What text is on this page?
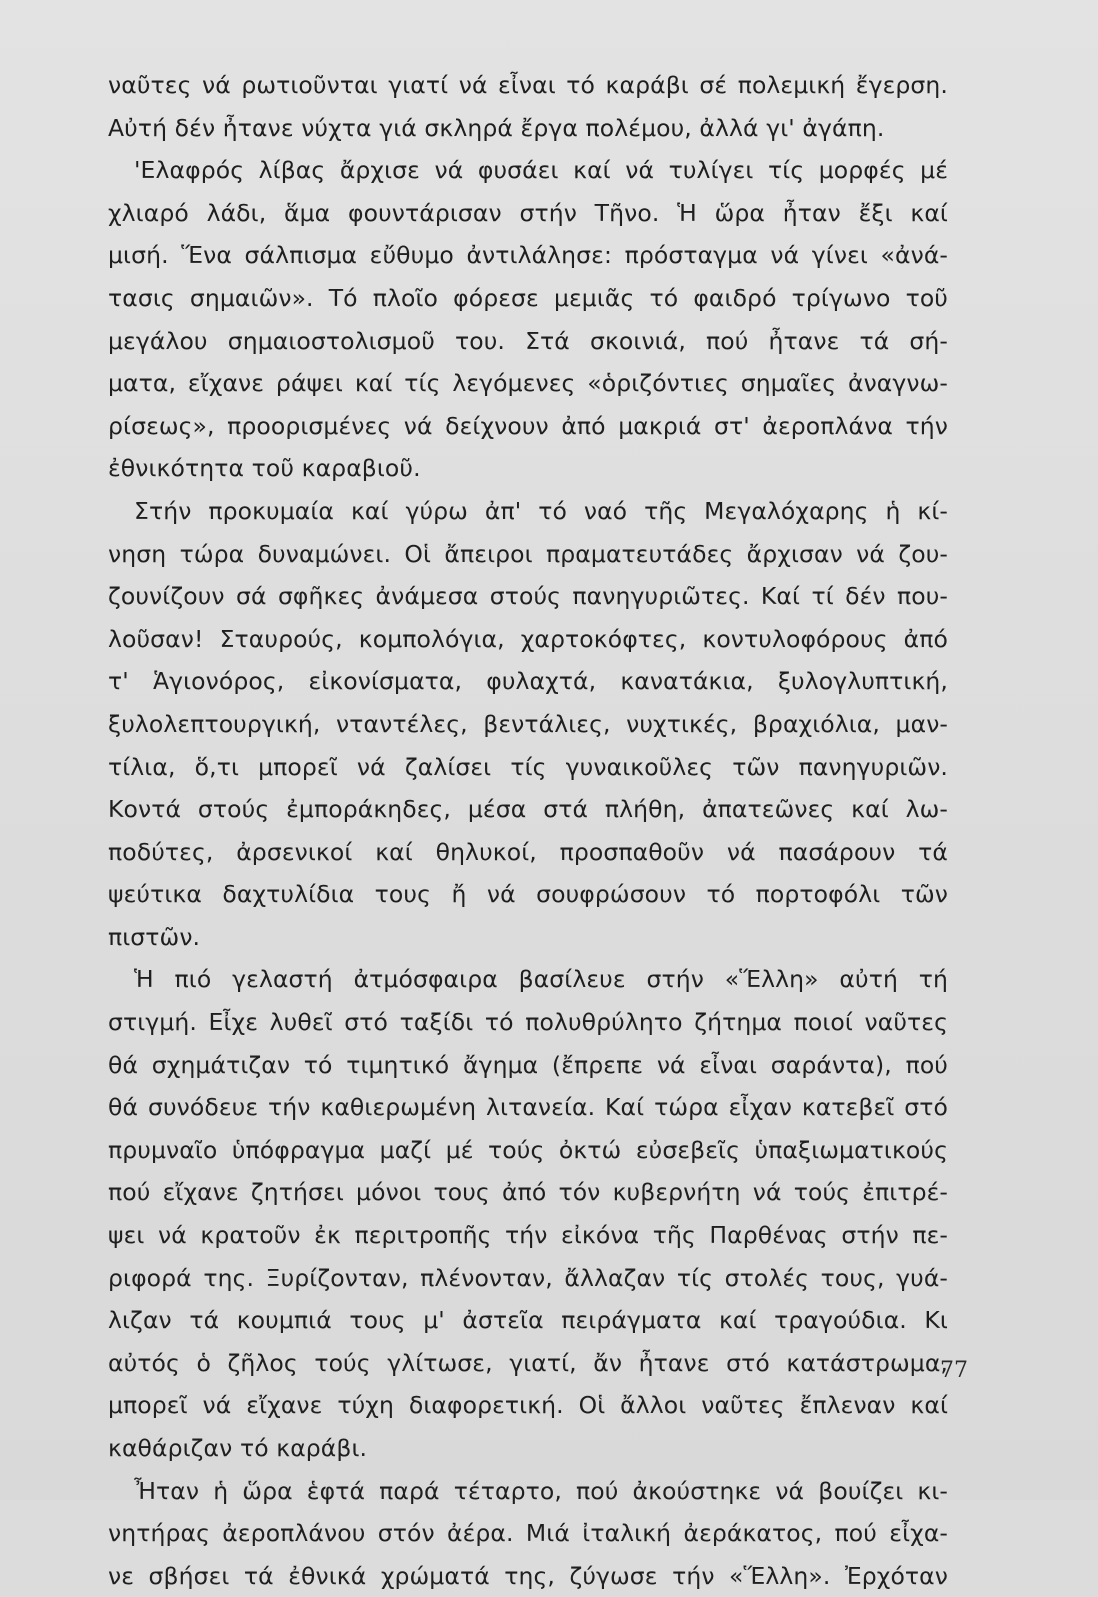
ναῦτες νά ρωτιοῦνται γιατί νά εἶναι τό καράβι σέ πολεμική ἔγερση.
Αὐτή δέν ἦτανε νύχτα γιά σκληρά ἔργα πολέμου, ἀλλά γι' ἀγάπη.
'Ελαφρός λίβας ἄρχισε νά φυσάει καί νά τυλίγει τίς μορφές μέ
χλιαρό λάδι, ἅμα φουντάρισαν στήν Τῆνο. Ἡ ὥρα ἦταν ἔξι καί
μισή. Ἕνα σάλπισμα εὔθυμο ἀντιλάλησε: πρόσταγμα νά γίνει «ἀνά-
τασις σημαιῶν». Τό πλοῖο φόρεσε μεμιᾶς τό φαιδρό τρίγωνο τοῦ
μεγάλου σημαιοστολισμοῦ του. Στά σκοινιά, πού ἦτανε τά σή-
ματα, εἴχανε ράψει καί τίς λεγόμενες «ὁριζόντιες σημαῖες ἀναγνω-
ρίσεως», προορισμένες νά δείχνουν ἀπό μακριά στ' ἀεροπλάνα τήν
ἐθνικότητα τοῦ καραβιοῦ.
Στήν προκυμαία καί γύρω ἀπ' τό ναό τῆς Μεγαλόχαρης ἡ κί-
νηση τώρα δυναμώνει. Οἱ ἄπειροι πραματευτάδες ἄρχισαν νά ζου-
ζουνίζουν σά σφῆκες ἀνάμεσα στούς πανηγυριῶτες. Καί τί δέν που-
λοῦσαν! Σταυρούς, κομπολόγια, χαρτοκόφτες, κοντυλοφόρους ἀπό
τ' Ἁγιονόρος, εἰκονίσματα, φυλαχτά, κανατάκια, ξυλογλυπτική,
ξυλολεπτουργική, νταντέλες, βεντάλιες, νυχτικές, βραχιόλια, μαν-
τίλια, ὅ,τι μπορεῖ νά ζαλίσει τίς γυναικοῦλες τῶν πανηγυριῶν.
Κοντά στούς ἐμποράκηδες, μέσα στά πλήθη, ἀπατεῶνες καί λω-
ποδύτες, ἀρσενικοί καί θηλυκοί, προσπαθοῦν νά πασάρουν τά
ψεύτικα δαχτυλίδια τους ἤ νά σουφρώσουν τό πορτοφόλι τῶν
πιστῶν.
Ἡ πιό γελαστή ἀτμόσφαιρα βασίλευε στήν «Ἕλλη» αὐτή τή
στιγμή. Εἶχε λυθεῖ στό ταξίδι τό πολυθρύλητο ζήτημα ποιοί ναῦτες
θά σχημάτιζαν τό τιμητικό ἄγημα (ἔπρεπε νά εἶναι σαράντα), πού
θά συνόδευε τήν καθιερωμένη λιτανεία. Καί τώρα εἶχαν κατεβεῖ στό
πρυμναῖο ὑπόφραγμα μαζί μέ τούς ὀκτώ εὐσεβεῖς ὑπαξιωματικούς
πού εἴχανε ζητήσει μόνοι τους ἀπό τόν κυβερνήτη νά τούς ἐπιτρέ-
ψει νά κρατοῦν ἐκ περιτροπῆς τήν εἰκόνα τῆς Παρθένας στήν πε-
ριφορά της. Ξυρίζονταν, πλένονταν, ἄλλαζαν τίς στολές τους, γυά-
λιζαν τά κουμπιά τους μ' ἀστεῖα πειράγματα καί τραγούδια. Κι
αὐτός ὁ ζῆλος τούς γλίτωσε, γιατί, ἄν ἦτανε στό κατάστρωμα,
μπορεῖ νά εἴχανε τύχη διαφορετική. Οἱ ἄλλοι ναῦτες ἔπλεναν καί
καθάριζαν τό καράβι.
Ἦταν ἡ ὥρα ἑφτά παρά τέταρτο, πού ἀκούστηκε νά βουίζει κι-
νητήρας ἀεροπλάνου στόν ἀέρα. Μιά ἰταλική ἀεράκατος, πού εἶχα-
νε σβήσει τά ἐθνικά χρώματά της, ζύγωσε τήν «Ἕλλη». Ἐρχόταν
77
